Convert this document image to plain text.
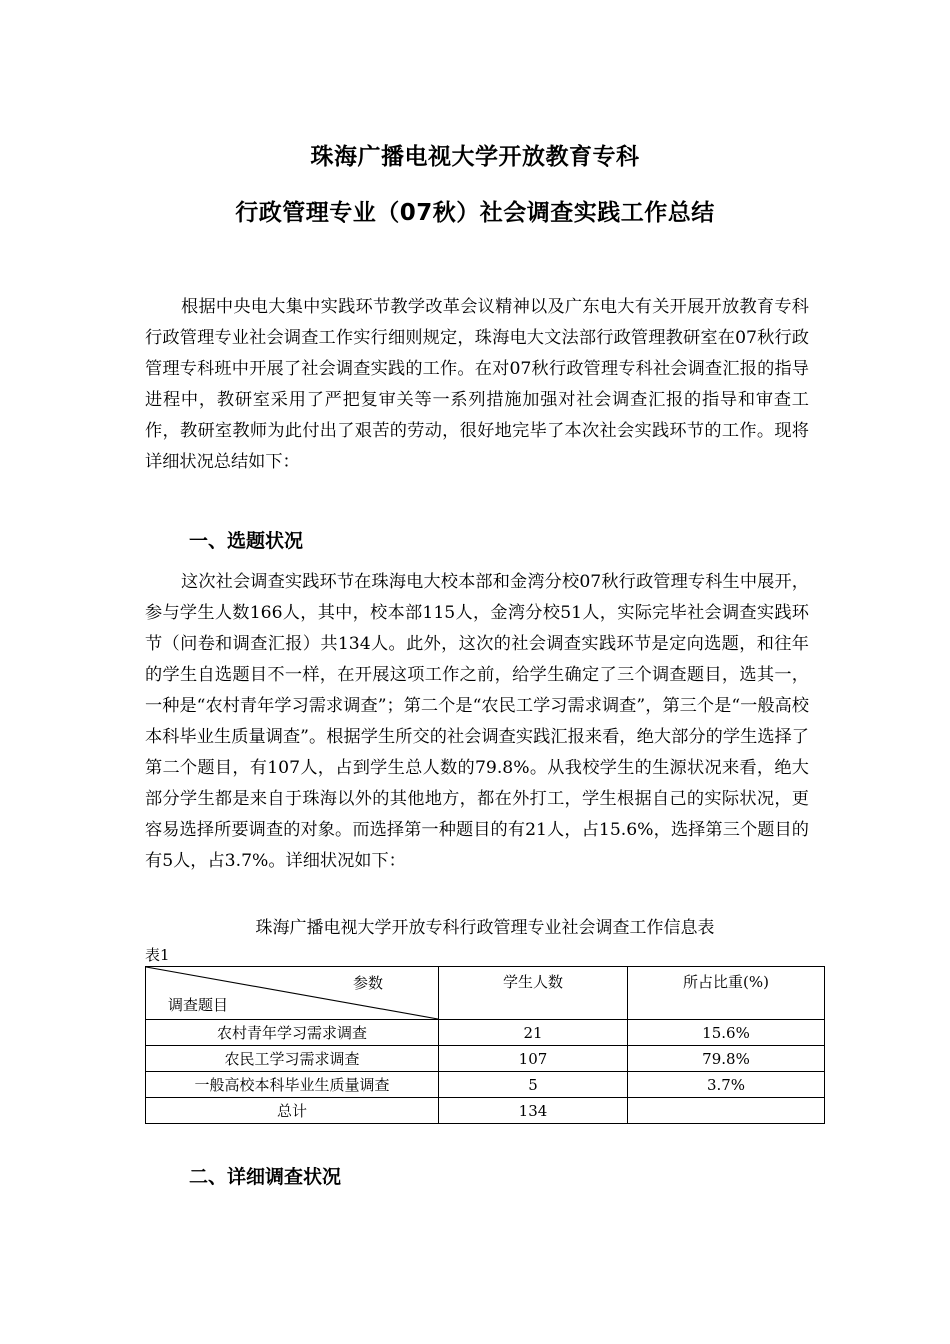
珠海广播电视大学开放教育专科
行政管理专业（07秋）社会调查实践工作总结

根据中央电大集中实践环节教学改革会议精神以及广东电大有关开展开放教育专科行政管理专业社会调查工作实行细则规定，珠海电大文法部行政管理教研室在07秋行政管理专科班中开展了社会调查实践的工作。在对07秋行政管理专科社会调查汇报的指导进程中，教研室采用了严把复审关等一系列措施加强对社会调查汇报的指导和审查工作，教研室教师为此付出了艰苦的劳动，很好地完毕了本次社会实践环节的工作。现将详细状况总结如下：

一、选题状况

这次社会调查实践环节在珠海电大校本部和金湾分校07秋行政管理专科生中展开，参与学生人数166人，其中，校本部115人，金湾分校51人，实际完毕社会调查实践环节（问卷和调查汇报）共134人。此外，这次的社会调查实践环节是定向选题，和往年的学生自选题目不一样，在开展这项工作之前，给学生确定了三个调查题目，选其一，一种是“农村青年学习需求调查”；第二个是“农民工学习需求调查”，第三个是“一般高校本科毕业生质量调查”。根据学生所交的社会调查实践汇报来看，绝大部分的学生选择了第二个题目，有107人，占到学生总人数的79.8%。从我校学生的生源状况来看，绝大部分学生都是来自于珠海以外的其他地方，都在外打工，学生根据自己的实际状况，更容易选择所要调查的对象。而选择第一种题目的有21人，占15.6%，选择第三个题目的有5人，占3.7%。详细状况如下：

珠海广播电视大学开放专科行政管理专业社会调查工作信息表
表1
参数
调查题目	学生人数	所占比重(%)
农村青年学习需求调查	21	15.6%
农民工学习需求调查	107	79.8%
一般高校本科毕业生质量调查	5	3.7%
总计	134	
二、详细调查状况
